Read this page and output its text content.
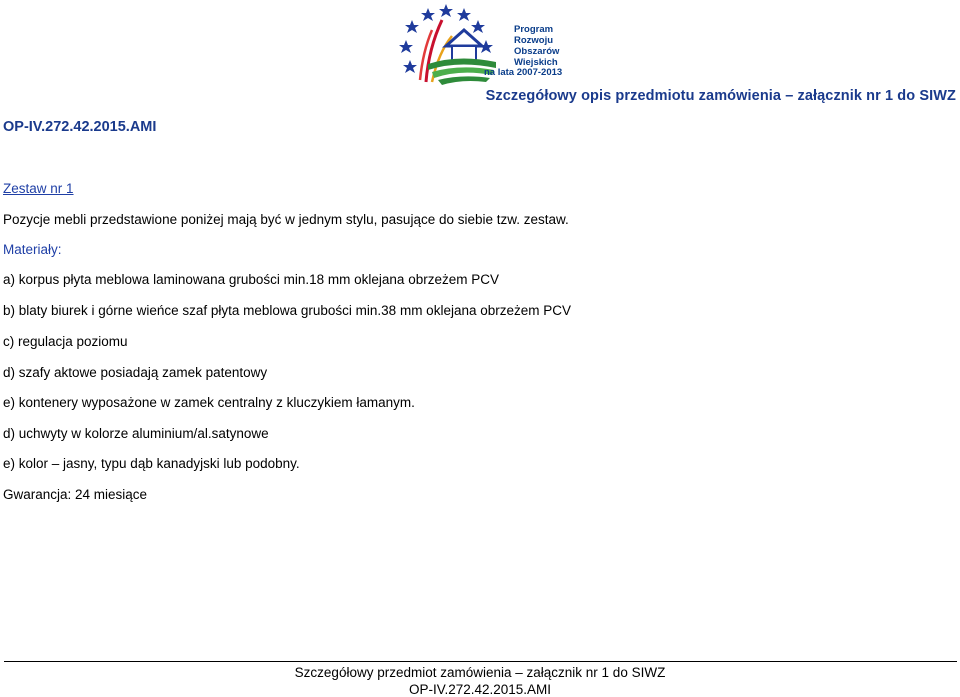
Program
Rozwoju
Obszarów
Wiejskich
na lata 2007-2013
Szczegółowy opis przedmiotu zamówienia – załącznik nr 1 do SIWZ
OP-IV.272.42.2015.AMI
Zestaw nr 1
Pozycje mebli przedstawione poniżej mają być w jednym stylu, pasujące do siebie tzw. zestaw.
Materiały:
a) korpus płyta meblowa laminowana grubości min.18 mm oklejana obrzeżem PCV
b) blaty biurek i górne wieńce szaf płyta meblowa grubości min.38 mm oklejana obrzeżem PCV
c) regulacja poziomu
d) szafy aktowe posiadają zamek patentowy
e) kontenery wyposażone w zamek centralny z kluczykiem łamanym.
d) uchwyty w kolorze aluminium/al.satynowe
e) kolor – jasny, typu dąb kanadyjski lub podobny.
Gwarancja: 24 miesiące
Szczegółowy przedmiot zamówienia – załącznik nr 1 do SIWZ
OP-IV.272.42.2015.AMI
